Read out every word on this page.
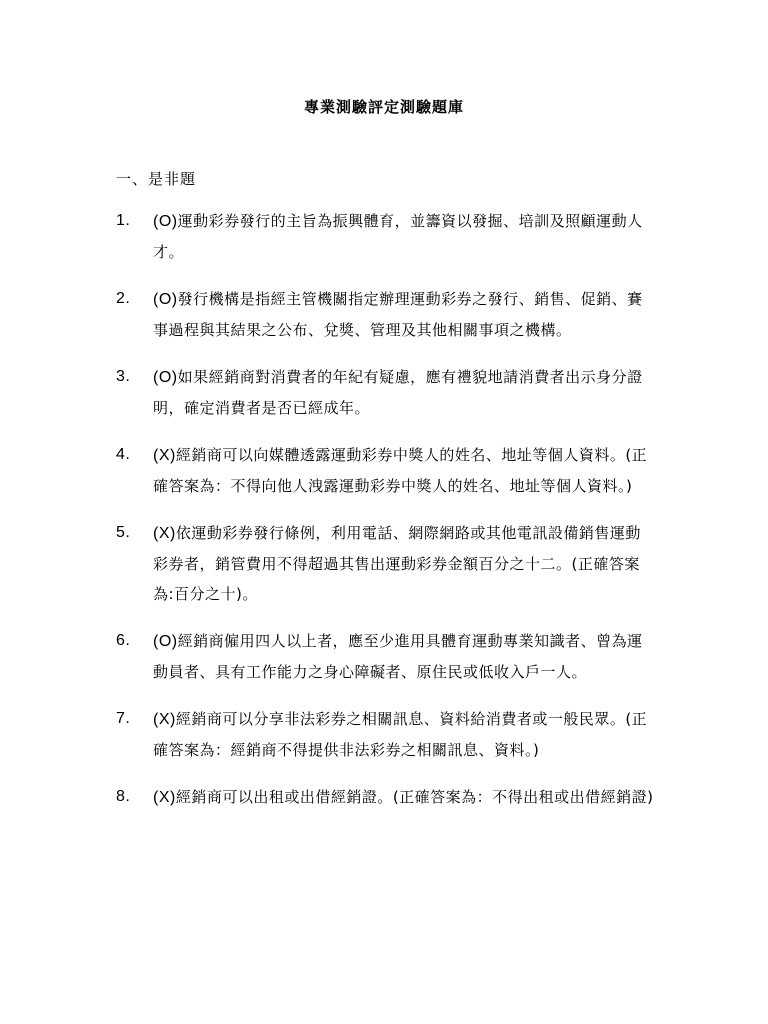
專業測驗評定測驗題庫
一、是非題
1. (O)運動彩券發行的主旨為振興體育，並籌資以發掘、培訓及照顧運動人才。
2. (O)發行機構是指經主管機關指定辦理運動彩券之發行、銷售、促銷、賽事過程與其結果之公布、兌獎、管理及其他相關事項之機構。
3. (O)如果經銷商對消費者的年紀有疑慮，應有禮貌地請消費者出示身分證明，確定消費者是否已經成年。
4. (X)經銷商可以向媒體透露運動彩券中獎人的姓名、地址等個人資料。(正確答案為：不得向他人洩露運動彩券中獎人的姓名、地址等個人資料。)
5. (X)依運動彩券發行條例，利用電話、網際網路或其他電訊設備銷售運動彩券者，銷管費用不得超過其售出運動彩券金額百分之十二。(正確答案為:百分之十)。
6. (O)經銷商僱用四人以上者，應至少進用具體育運動專業知識者、曾為運動員者、具有工作能力之身心障礙者、原住民或低收入戶一人。
7. (X)經銷商可以分享非法彩券之相關訊息、資料給消費者或一般民眾。(正確答案為：經銷商不得提供非法彩券之相關訊息、資料。)
8. (X)經銷商可以出租或出借經銷證。(正確答案為：不得出租或出借經銷證)
